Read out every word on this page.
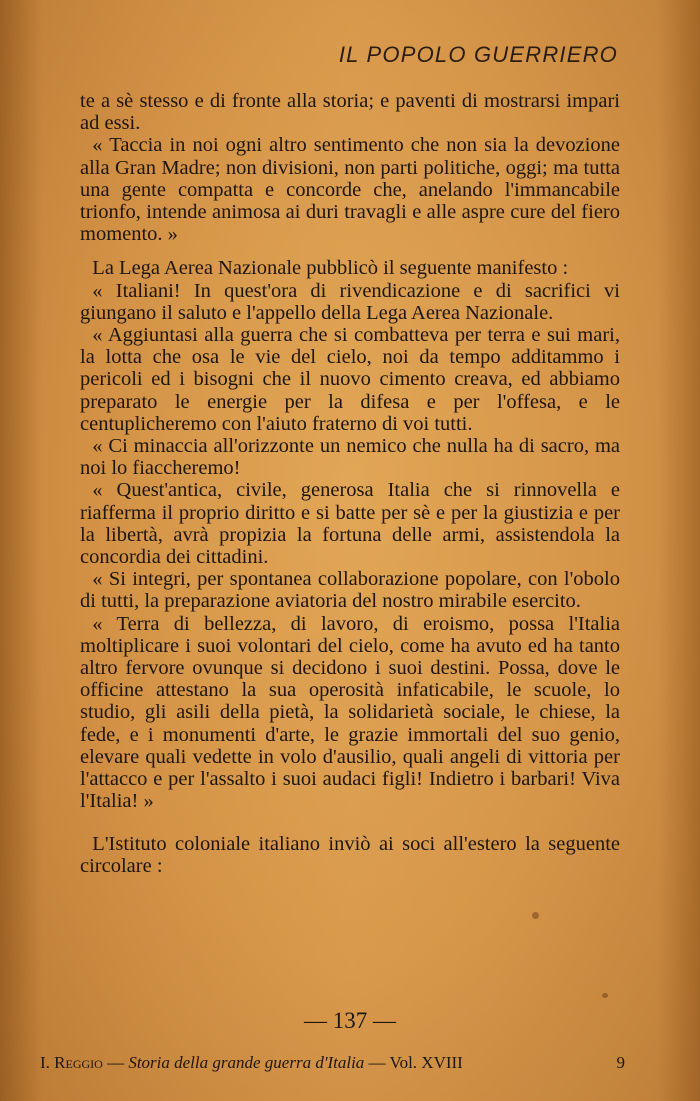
IL POPOLO GUERRIERO

te a sè stesso e di fronte alla storia; e paventi di mostrarsi impari ad essi.

« Taccia in noi ogni altro sentimento che non sia la devozione alla Gran Madre; non divisioni, non parti politiche, oggi; ma tutta una gente compatta e concorde che, anelando l'immancabile trionfo, intende animosa ai duri travagli e alle aspre cure del fiero momento. »

La Lega Aerea Nazionale pubblicò il seguente manifesto :

« Italiani! In quest'ora di rivendicazione e di sacrifici vi giungano il saluto e l'appello della Lega Aerea Nazionale.

« Aggiuntasi alla guerra che si combatteva per terra e sui mari, la lotta che osa le vie del cielo, noi da tempo additammo i pericoli ed i bisogni che il nuovo cimento creava, ed abbiamo preparato le energie per la difesa e per l'offesa, e le centuplicheremo con l'aiuto fraterno di voi tutti.

« Ci minaccia all'orizzonte un nemico che nulla ha di sacro, ma noi lo fiaccheremo!

« Quest'antica, civile, generosa Italia che si rinnovella e riafferma il proprio diritto e si batte per sè e per la giustizia e per la libertà, avrà propizia la fortuna delle armi, assistendola la concordia dei cittadini.

« Si integri, per spontanea collaborazione popolare, con l'obolo di tutti, la preparazione aviatoria del nostro mirabile esercito.

« Terra di bellezza, di lavoro, di eroismo, possa l'Italia moltiplicare i suoi volontari del cielo, come ha avuto ed ha tanto altro fervore ovunque si decidono i suoi destini. Possa, dove le officine attestano la sua operosità infaticabile, le scuole, lo studio, gli asili della pietà, la solidarietà sociale, le chiese, la fede, e i monumenti d'arte, le grazie immortali del suo genio, elevare quali vedette in volo d'ausilio, quali angeli di vittoria per l'attacco e per l'assalto i suoi audaci figli! Indietro i barbari! Viva l'Italia! »

L'Istituto coloniale italiano inviò ai soci all'estero la seguente circolare :

— 137 —
I. Reggio — Storia della grande guerra d'Italia — Vol. XVIII	9
